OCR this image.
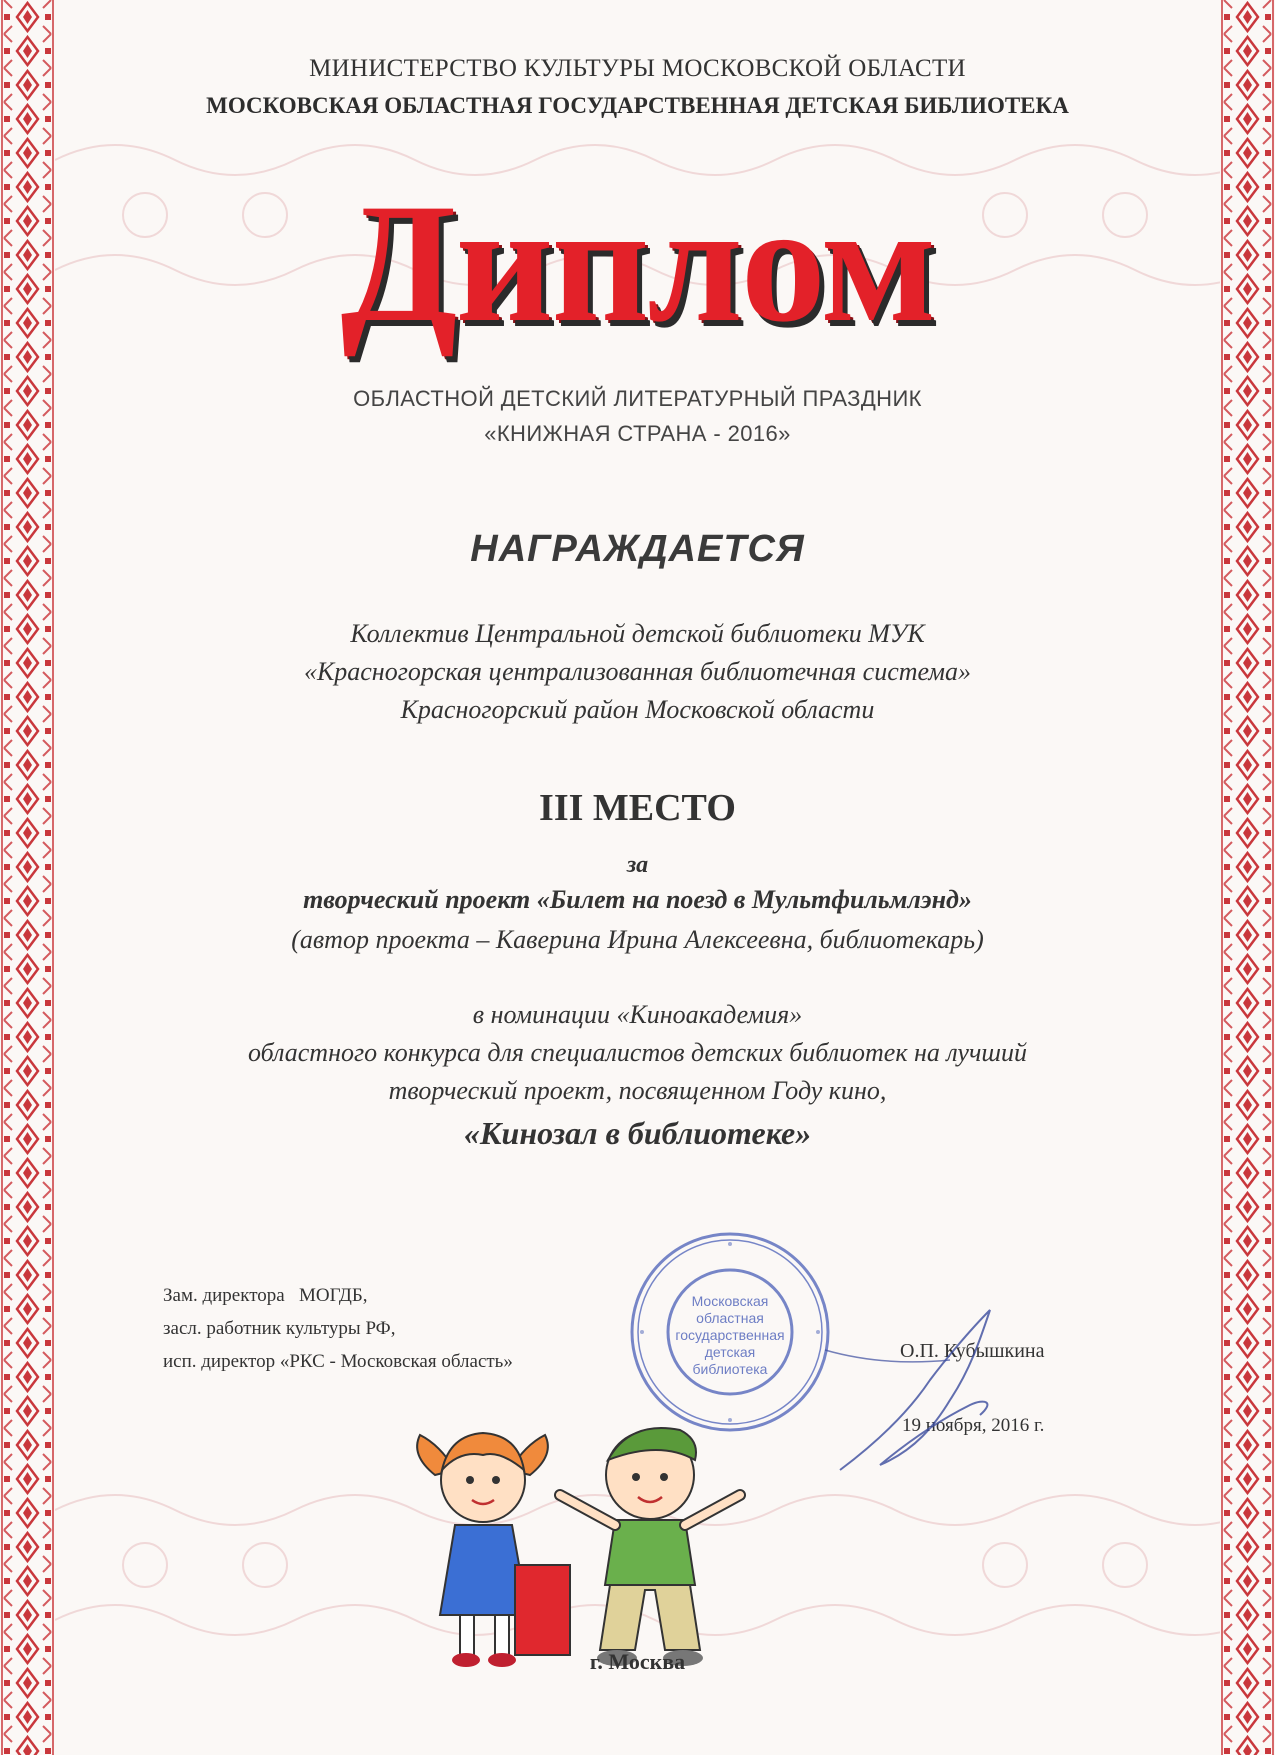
МИНИСТЕРСТВО КУЛЬТУРЫ МОСКОВСКОЙ ОБЛАСТИ
МОСКОВСКАЯ ОБЛАСТНАЯ ГОСУДАРСТВЕННАЯ ДЕТСКАЯ БИБЛИОТЕКА
Диплом
ОБЛАСТНОЙ ДЕТСКИЙ ЛИТЕРАТУРНЫЙ ПРАЗДНИК
«КНИЖНАЯ СТРАНА - 2016»
НАГРАЖДАЕТСЯ
Коллектив Центральной детской библиотеки МУК
«Красногорская централизованная библиотечная система»
Красногорский район Московской области
III МЕСТО
за
творческий проект «Билет на поезд в Мультфильмлэнд»
(автор проекта – Каверина Ирина Алексеевна, библиотекарь)
в номинации «Киноакадемия»
областного конкурса для специалистов детских библиотек на лучший
творческий проект, посвященном Году кино,
«Кинозал в библиотеке»
Зам. директора   МОГДБ,
засл. работник культуры РФ,
исп. директор «РКС - Московская область»	О.П. Кубышкина
19 ноября, 2016 г.
Московская
областная
государственная
детская
библиотека
г. Москва
